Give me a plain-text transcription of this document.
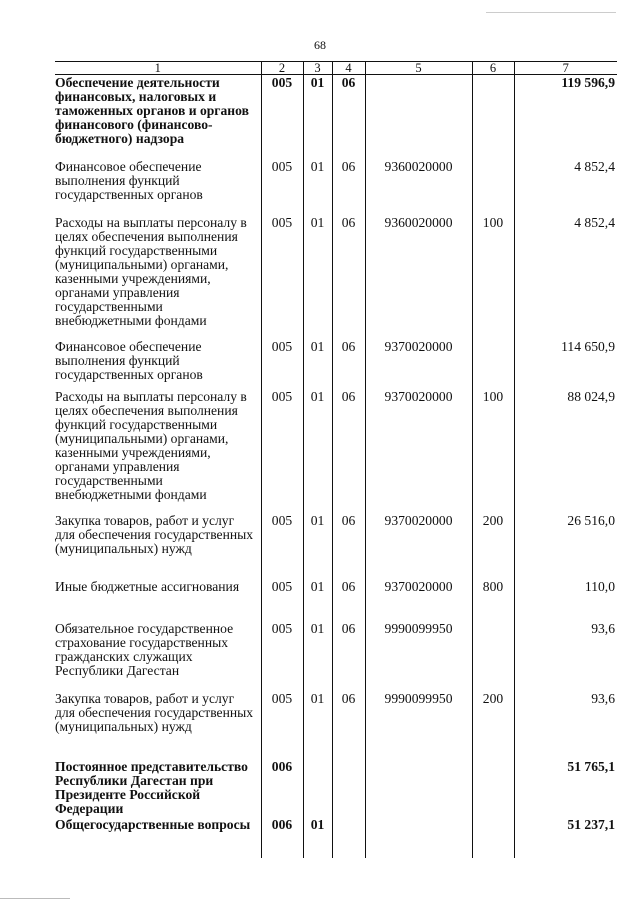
68
1	2	3	4	5	6	7
Обеспечение деятельности финансовых, налоговых и таможенных органов и органов финансового (финансово-бюджетного) надзора	005	01	06			119 596,9
Финансовое обеспечение выполнения функций государственных органов	005	01	06	9360020000		4 852,4
Расходы на выплаты персоналу в целях обеспечения выполнения функций государственными (муниципальными) органами, казенными учреждениями, органами управления государственными внебюджетными фондами	005	01	06	9360020000	100	4 852,4
Финансовое обеспечение выполнения функций государственных органов	005	01	06	9370020000		114 650,9
Расходы на выплаты персоналу в целях обеспечения выполнения функций государственными (муниципальными) органами, казенными учреждениями, органами управления государственными внебюджетными фондами	005	01	06	9370020000	100	88 024,9
Закупка товаров, работ и услуг для обеспечения государственных (муниципальных) нужд	005	01	06	9370020000	200	26 516,0
Иные бюджетные ассигнования	005	01	06	9370020000	800	110,0
Обязательное государственное страхование государственных гражданских служащих Республики Дагестан	005	01	06	9990099950		93,6
Закупка товаров, работ и услуг для обеспечения государственных (муниципальных) нужд	005	01	06	9990099950	200	93,6
Постоянное представительство Республики Дагестан при Президенте Российской Федерации	006					51 765,1
Общегосударственные вопросы	006	01				51 237,1
